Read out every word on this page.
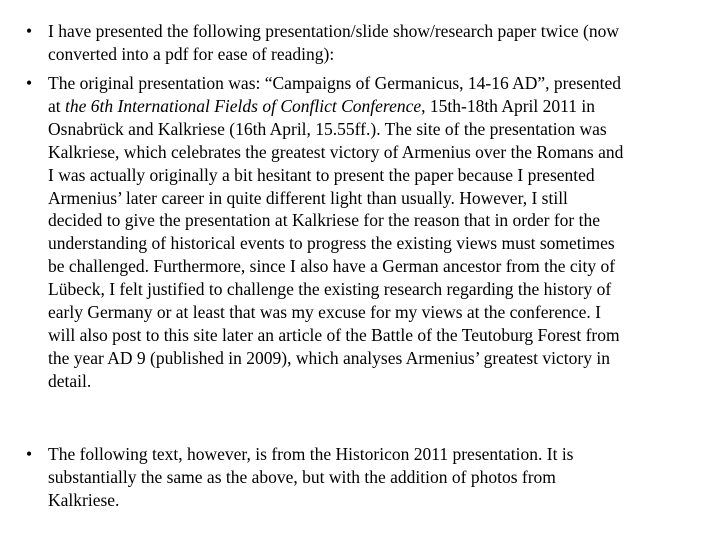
• I have presented the following presentation/slide show/research paper twice (now
converted into a pdf for ease of reading):
• The original presentation was: “Campaigns of Germanicus, 14-16 AD”, presented
at the 6th International Fields of Conflict Conference, 15th-18th April 2011 in
Osnabrück and Kalkriese (16th April, 15.55ff.). The site of the presentation was
Kalkriese, which celebrates the greatest victory of Armenius over the Romans and
I was actually originally a bit hesitant to present the paper because I presented
Armenius’ later career in quite different light than usually. However, I still
decided to give the presentation at Kalkriese for the reason that in order for the
understanding of historical events to progress the existing views must sometimes
be challenged. Furthermore, since I also have a German ancestor from the city of
Lübeck, I felt justified to challenge the existing research regarding the history of
early Germany or at least that was my excuse for my views at the conference. I
will also post to this site later an article of the Battle of the Teutoburg Forest from
the year AD 9 (published in 2009), which analyses Armenius’ greatest victory in
detail.
• The following text, however, is from the Historicon 2011 presentation. It is
substantially the same as the above, but with the addition of photos from
Kalkriese.
